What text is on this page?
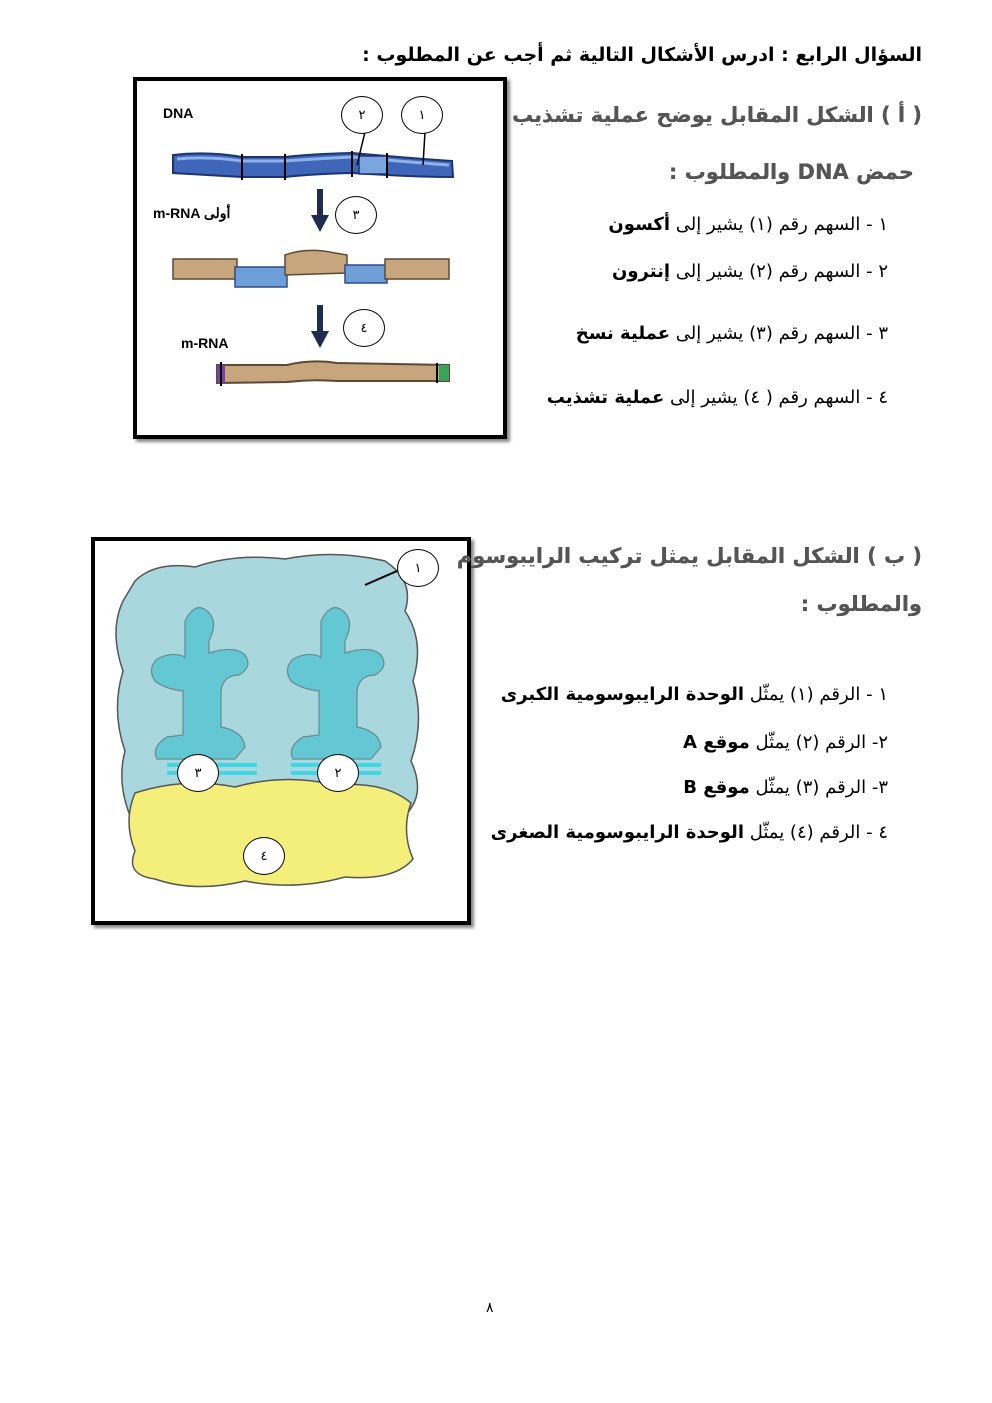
السؤال الرابع : ادرس الأشكال التالية ثم أجب عن المطلوب :
DNA
m-RNA أولى
m-RNA
١
٢
٣
٤
( أ ) الشكل المقابل يوضح عملية تشذيب
حمض DNA والمطلوب :
١ - السهم رقم (١) يشير إلى أكسون
٢ - السهم رقم (٢) يشير إلى إنترون
٣ - السهم رقم (٣) يشير إلى عملية نسخ
٤ - السهم رقم ( ٤) يشير إلى عملية تشذيب
١
٢
٣
٤
( ب ) الشكل المقابل يمثل تركيب الرايبوسوم
والمطلوب :
١ - الرقم (١) يمثّل الوحدة الرايبوسومية الكبرى
٢- الرقم (٢) يمثّل موقع A
٣- الرقم (٣) يمثّل موقع B
٤ - الرقم (٤) يمثّل الوحدة الرايبوسومية الصغرى
٨
